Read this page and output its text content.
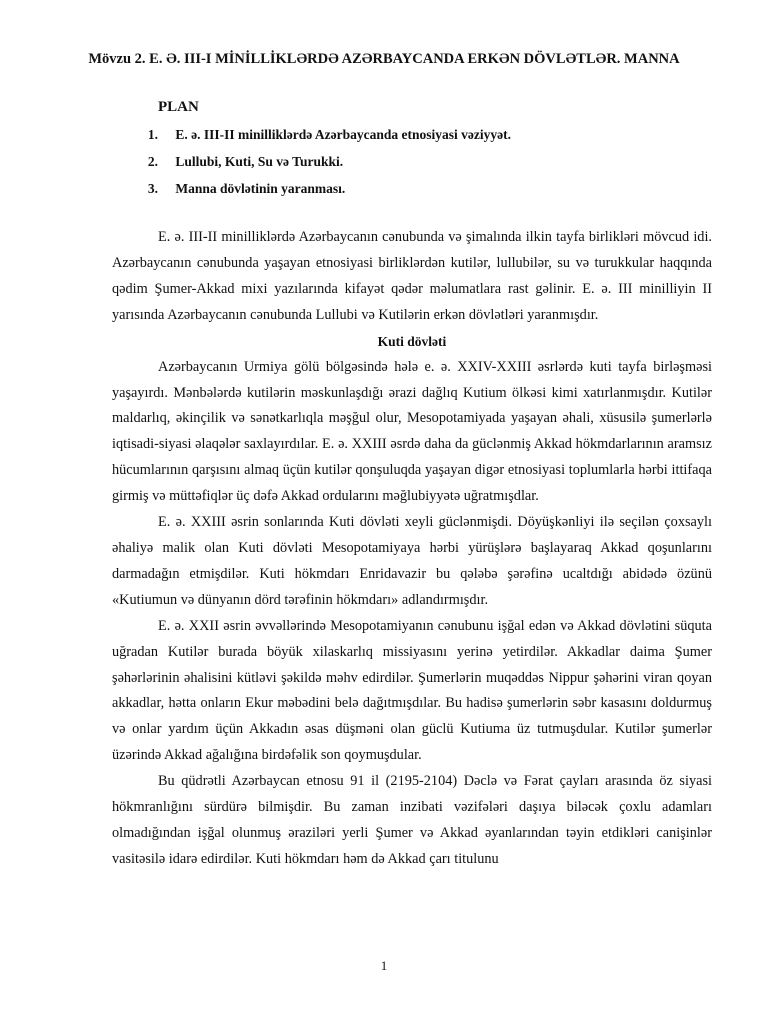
Mövzu 2. E. Ə. III-I MİNİLLİKLƏRDƏ AZƏRBAYCANDA ERKƏN DÖVLƏTLƏR. MANNA
PLAN
1. E. ə. III-II minilliklərdə Azərbaycanda etnosiyasi vəziyyət.
2. Lullubi, Kuti, Su və Turukki.
3. Manna dövlətinin yaranması.

E. ə. III-II minilliklərdə Azərbaycanın cənubunda və şimalında ilkin tayfa birlikləri mövcud idi. Azərbaycanın cənubunda yaşayan etnosiyasi birliklərdən kutilər, lullubilər, su və turukkular haqqında qədim Şumer-Akkad mixi yazılarında kifayət qədər məlumatlara rast gəlinir. E. ə. III minilliyin II yarısında Azərbaycanın cənubunda Lullubi və Kutilərin erkən dövlətləri yaranmışdır.

Kuti dövləti

Azərbaycanın Urmiya gölü bölgəsində hələ e. ə. XXIV-XXIII əsrlərdə kuti tayfa birləşməsi yaşayırdı. Mənbələrdə kutilərin məskunlaşdığı ərazi dağlıq Kutium ölkəsi kimi xatırlanmışdır. Kutilər maldarlıq, əkinçilik və sənətkarlıqla məşğul olur, Mesopotamiyada yaşayan əhali, xüsusilə şumerlərlə iqtisadi-siyasi əlaqələr saxlayırdılar. E. ə. XXIII əsrdə daha da güclənmiş Akkad hökmdarlarının aramsız hücumlarının qarşısını almaq üçün kutilər qonşuluqda yaşayan digər etnosiyasi toplumlarla hərbi ittifaqa girmiş və müttəfiqlər üç dəfə Akkad ordularını məğlubiyyətə uğratmışdlar.

E. ə. XXIII əsrin sonlarında Kuti dövləti xeyli güclənmişdi. Döyüşkənliyi ilə seçilən çoxsaylı əhaliyə malik olan Kuti dövləti Mesopotamiyaya hərbi yürüşlərə başlayaraq Akkad qoşunlarını darmadağın etmişdilər. Kuti hökmdarı Enridavazir bu qələbə şərəfinə ucaltdığı abidədə özünü «Kutiumun və dünyanın dörd tərəfinin hökmdarı» adlandırmışdır.

E. ə. XXII əsrin əvvəllərində Mesopotamiyanın cənubunu işğal edən və Akkad dövlətini süquta uğradan Kutilər burada böyük xilaskarlıq missiyasını yerinə yetirdilər. Akkadlar daima Şumer şəhərlərinin əhalisini kütləvi şəkildə məhv edirdilər. Şumerlərin muqəddəs Nippur şəhərini viran qoyan akkadlar, hətta onların Ekur məbədini belə dağıtmışdılar. Bu hadisə şumerlərin səbr kasasını doldurmuş və onlar yardım üçün Akkadın əsas düşməni olan güclü Kutiuma üz tutmuşdular. Kutilər şumerlər üzərində Akkad ağalığına birdəfəlik son qoymuşdular.

Bu qüdrətli Azərbaycan etnosu 91 il (2195-2104) Dəclə və Fərat çayları arasında öz siyasi hökmranlığını sürdürə bilmişdir. Bu zaman inzibati vəzifələri daşıya biləcək çoxlu adamları olmadığından işğal olunmuş əraziləri yerli Şumer və Akkad əyanlarından təyin etdikləri canişinlər vasitəsilə idarə edirdilər. Kuti hökmdarı həm də Akkad çarı titulunu

1
